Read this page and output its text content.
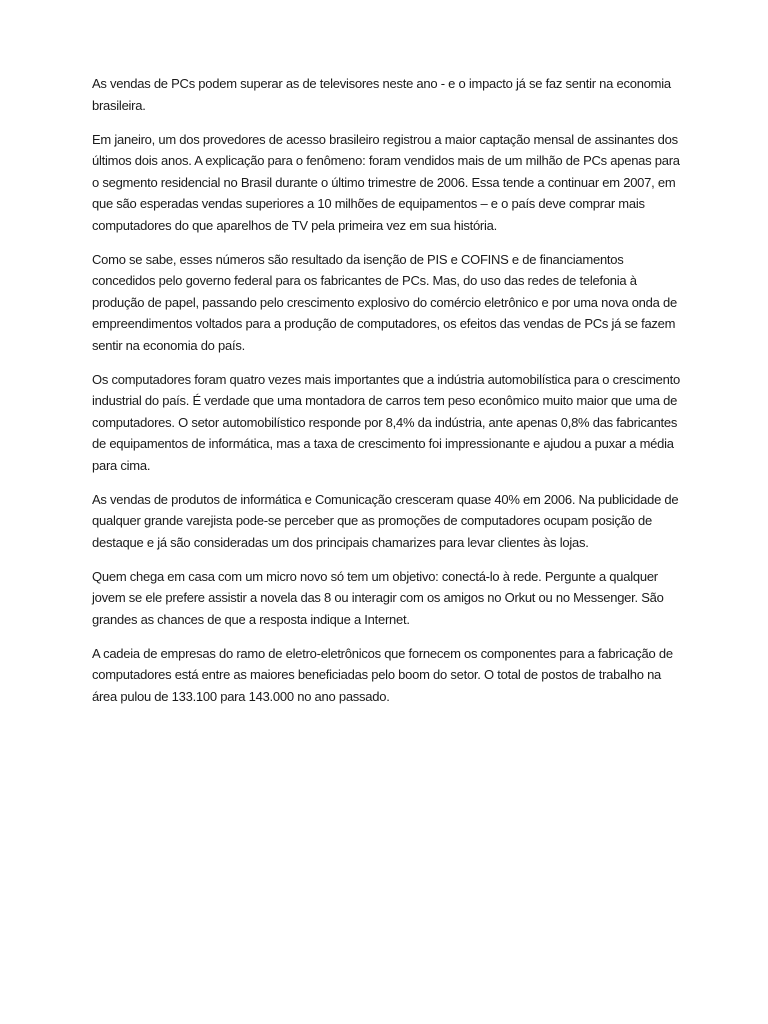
As vendas de PCs podem superar as de televisores neste ano - e o impacto já se faz sentir na economia brasileira.

Em janeiro, um dos provedores de acesso brasileiro registrou a maior captação mensal de assinantes dos últimos dois anos. A explicação para o fenômeno: foram vendidos mais de um milhão de PCs apenas para o segmento residencial no Brasil durante o último trimestre de 2006. Essa tende a continuar em 2007, em que são esperadas vendas superiores a 10 milhões de equipamentos – e o país deve comprar mais computadores do que aparelhos de TV pela primeira vez em sua história.

Como se sabe, esses números são resultado da isenção de PIS e COFINS e de financiamentos concedidos pelo governo federal para os fabricantes de PCs. Mas, do uso das redes de telefonia à produção de papel, passando pelo crescimento explosivo do comércio eletrônico e por uma nova onda de empreendimentos voltados para a produção de computadores, os efeitos das vendas de PCs já se fazem sentir na economia do país.

Os computadores foram quatro vezes mais importantes que a indústria automobilística para o crescimento industrial do país. É verdade que uma montadora de carros tem peso econômico muito maior que uma de computadores. O setor automobilístico responde por 8,4% da indústria, ante apenas 0,8% das fabricantes de equipamentos de informática, mas a taxa de crescimento foi impressionante e ajudou a puxar a média para cima.

As vendas de produtos de informática e Comunicação cresceram quase 40% em 2006. Na publicidade de qualquer grande varejista pode-se perceber que as promoções de computadores ocupam posição de destaque e já são consideradas um dos principais chamarizes para levar clientes às lojas.

Quem chega em casa com um micro novo só tem um objetivo: conectá-lo à rede. Pergunte a qualquer jovem se ele prefere assistir a novela das 8 ou interagir com os amigos no Orkut ou no Messenger. São grandes as chances de que a resposta indique a Internet.

A cadeia de empresas do ramo de eletro-eletrônicos que fornecem os componentes para a fabricação de computadores está entre as maiores beneficiadas pelo boom do setor. O total de postos de trabalho na área pulou de 133.100 para 143.000 no ano passado.
